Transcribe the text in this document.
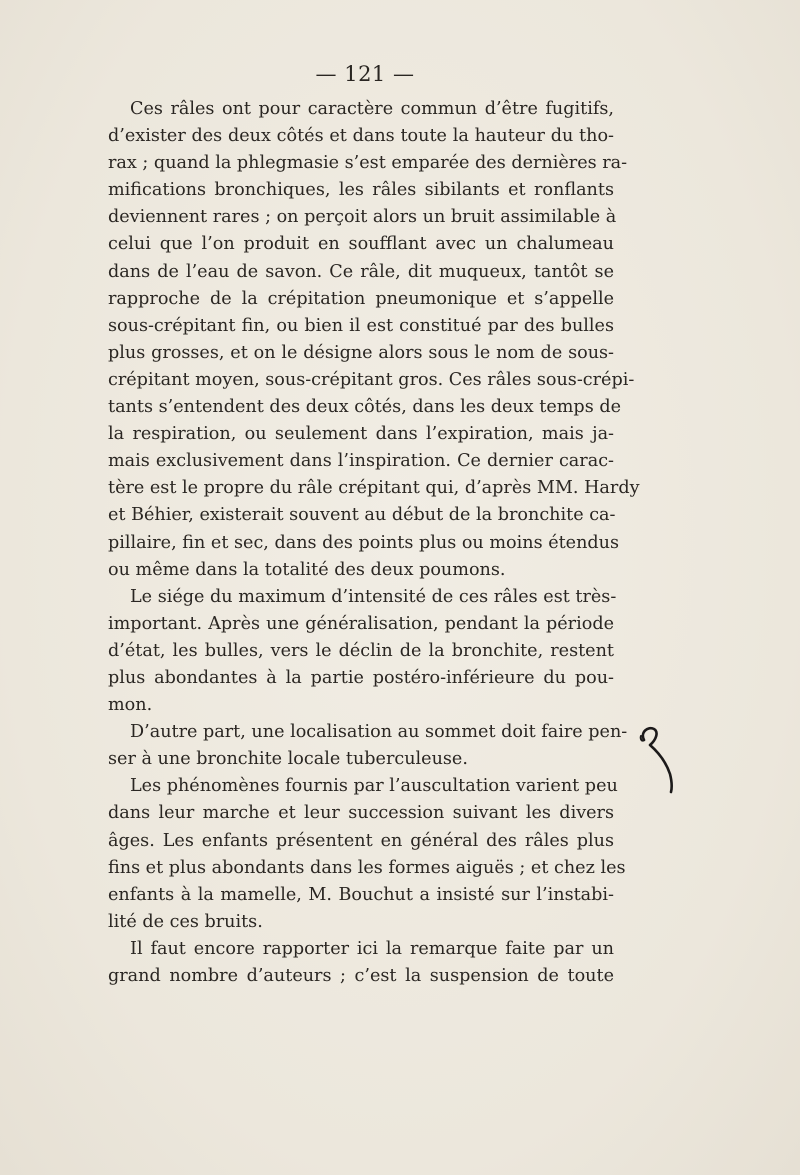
— 121 —
Ces râles ont pour caractère commun d’être fugitifs,
d’exister des deux côtés et dans toute la hauteur du tho-
rax ; quand la phlegmasie s’est emparée des dernières ra-
mifications bronchiques, les râles sibilants et ronflants
deviennent rares ; on perçoit alors un bruit assimilable à
celui que l’on produit en soufflant avec un chalumeau
dans de l’eau de savon. Ce râle, dit muqueux, tantôt se
rapproche de la crépitation pneumonique et s’appelle
sous-crépitant fin, ou bien il est constitué par des bulles
plus grosses, et on le désigne alors sous le nom de sous-
crépitant moyen, sous-crépitant gros. Ces râles sous-crépi-
tants s’entendent des deux côtés, dans les deux temps de
la respiration, ou seulement dans l’expiration, mais ja-
mais exclusivement dans l’inspiration. Ce dernier carac-
tère est le propre du râle crépitant qui, d’après MM. Hardy
et Béhier, existerait souvent au début de la bronchite ca-
pillaire, fin et sec, dans des points plus ou moins étendus
ou même dans la totalité des deux poumons.
Le siége du maximum d’intensité de ces râles est très-
important. Après une généralisation, pendant la période
d’état, les bulles, vers le déclin de la bronchite, restent
plus abondantes à la partie postéro-inférieure du pou-
mon.
D’autre part, une localisation au sommet doit faire pen-
ser à une bronchite locale tuberculeuse.
Les phénomènes fournis par l’auscultation varient peu
dans leur marche et leur succession suivant les divers
âges. Les enfants présentent en général des râles plus
fins et plus abondants dans les formes aiguës ; et chez les
enfants à la mamelle, M. Bouchut a insisté sur l’instabi-
lité de ces bruits.
Il faut encore rapporter ici la remarque faite par un
grand nombre d’auteurs ; c’est la suspension de toute
